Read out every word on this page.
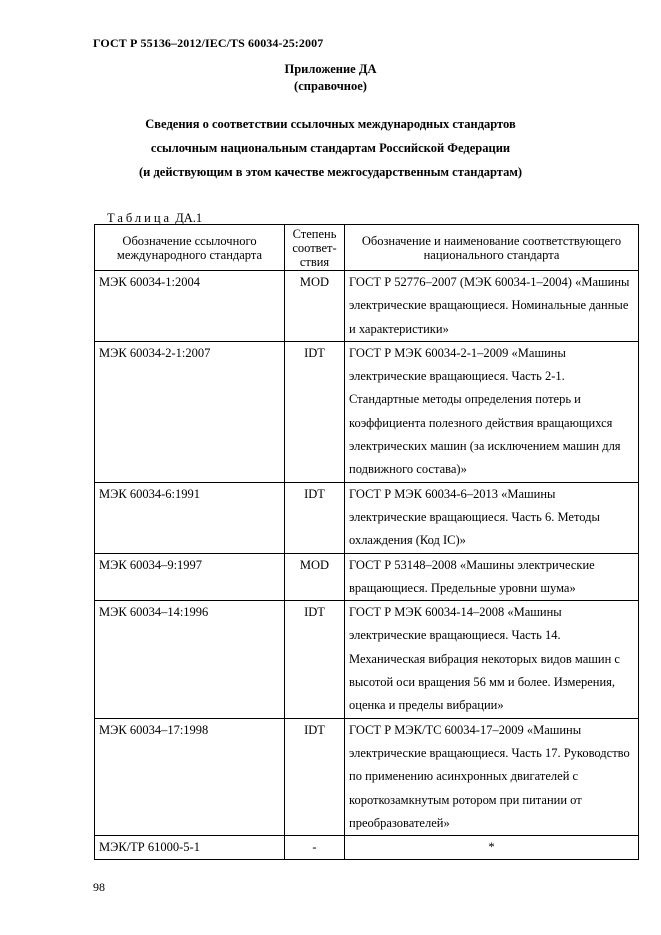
ГОСТ Р 55136–2012/IEC/TS 60034-25:2007
Приложение ДА
(справочное)
Сведения о соответствии ссылочных международных стандартов
ссылочным национальным стандартам Российской Федерации
(и действующим в этом качестве межгосударственным стандартам)
Таблица ДА.1
Обозначение ссылочного международного стандарта	Степень соответ-ствия	Обозначение и наименование соответствующего национального стандарта
МЭК 60034-1:2004	MOD	ГОСТ Р 52776–2007 (МЭК 60034-1–2004) «Машины электрические вращающиеся. Номинальные данные и характеристики»
МЭК 60034-2-1:2007	IDT	ГОСТ Р МЭК 60034-2-1–2009 «Машины электрические вращающиеся. Часть 2-1. Стандартные методы определения потерь и коэффициента полезного действия вращающихся электрических машин (за исключением машин для подвижного состава)»
МЭК 60034-6:1991	IDT	ГОСТ Р МЭК 60034-6–2013 «Машины электрические вращающиеся. Часть 6. Методы охлаждения (Код IC)»
МЭК 60034–9:1997	MOD	ГОСТ Р 53148–2008 «Машины электрические вращающиеся. Предельные уровни шума»
МЭК 60034–14:1996	IDT	ГОСТ Р МЭК 60034-14–2008 «Машины электрические вращающиеся. Часть 14. Механическая вибрация некоторых видов машин с высотой оси вращения 56 мм и более. Измерения, оценка и пределы вибрации»
МЭК 60034–17:1998	IDT	ГОСТ Р МЭК/ТС 60034-17–2009 «Машины электрические вращающиеся. Часть 17. Руководство по применению асинхронных двигателей с короткозамкнутым ротором при питании от преобразователей»
МЭК/ТР 61000-5-1	-	*
98
